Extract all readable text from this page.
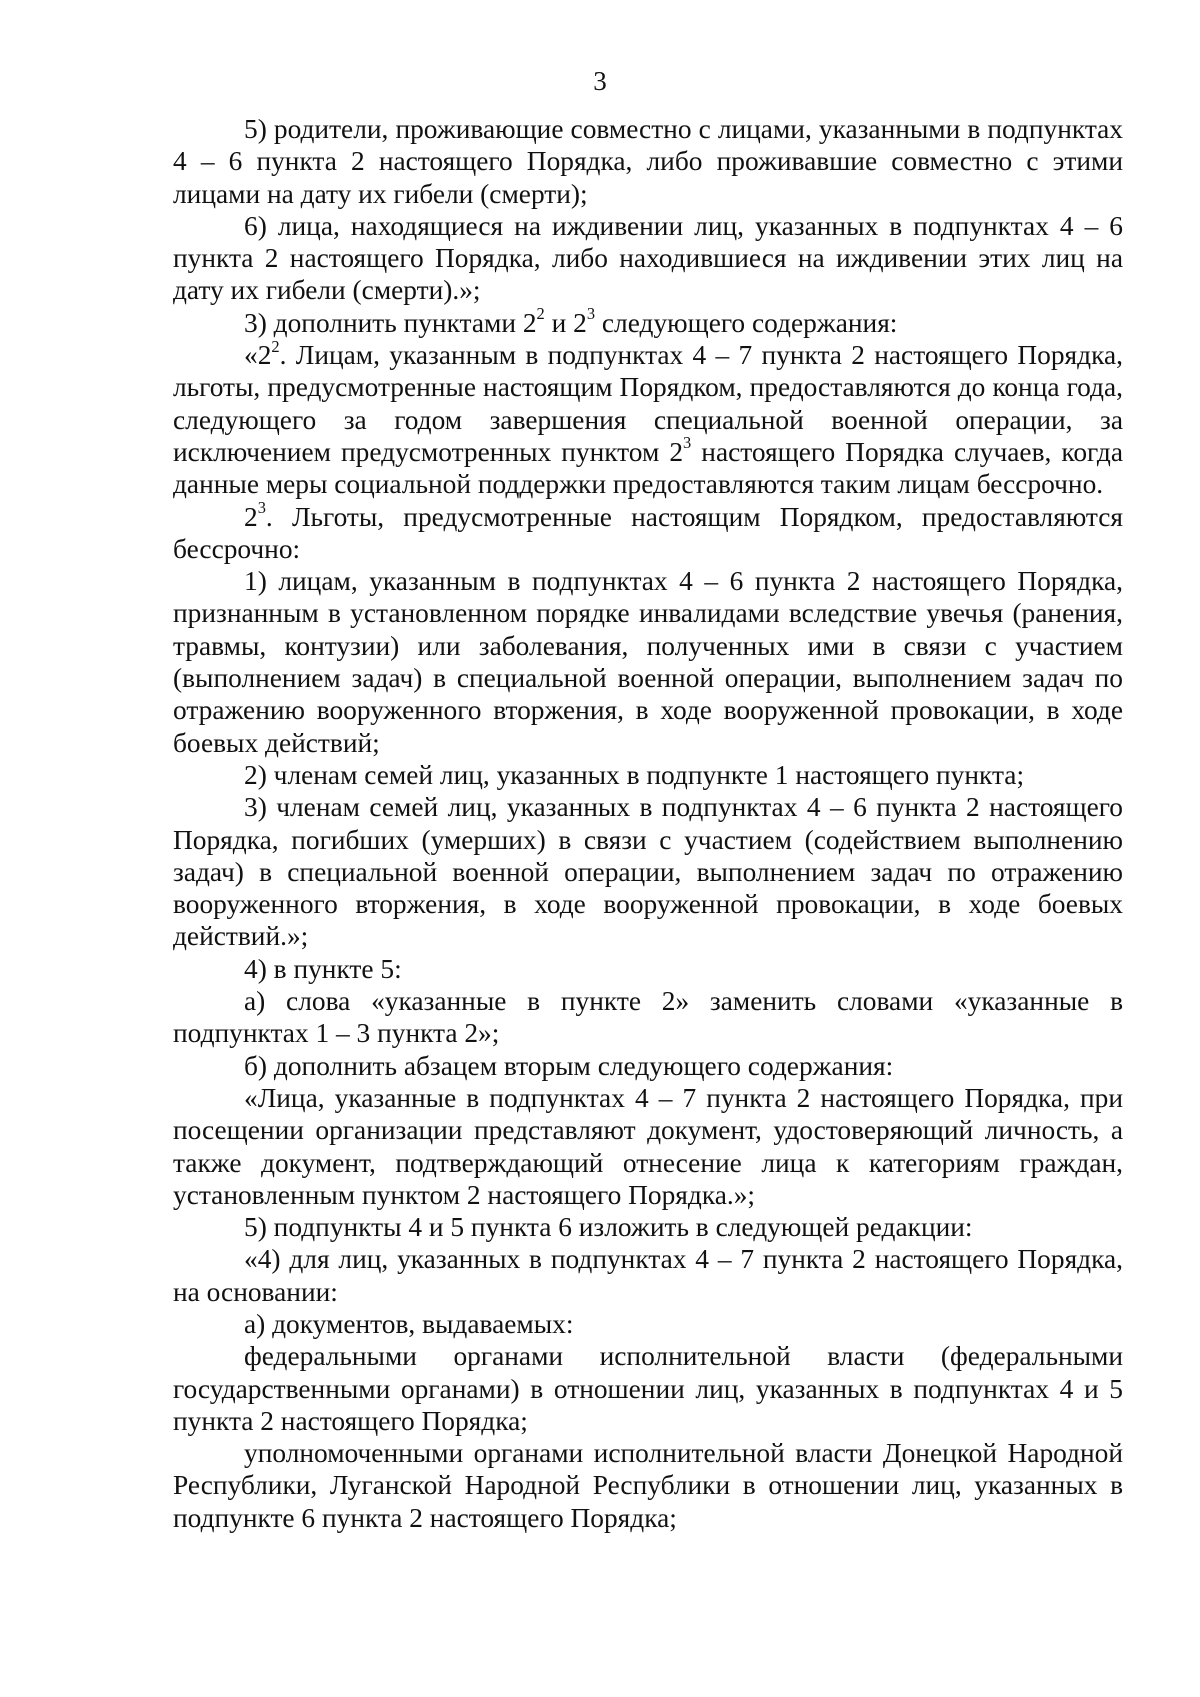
3

5) родители, проживающие совместно с лицами, указанными в подпунктах 4 – 6 пункта 2 настоящего Порядка, либо проживавшие совместно с этими лицами на дату их гибели (смерти);

6) лица, находящиеся на иждивении лиц, указанных в подпунктах 4 – 6 пункта 2 настоящего Порядка, либо находившиеся на иждивении этих лиц на дату их гибели (смерти).»;

3) дополнить пунктами $2^2$ и $2^3$ следующего содержания:

«$2^2$. Лицам, указанным в подпунктах 4 – 7 пункта 2 настоящего Порядка, льготы, предусмотренные настоящим Порядком, предоставляются до конца года, следующего за годом завершения специальной военной операции, за исключением предусмотренных пунктом $2^3$ настоящего Порядка случаев, когда данные меры социальной поддержки предоставляются таким лицам бессрочно.

$2^3$. Льготы, предусмотренные настоящим Порядком, предоставляются бессрочно:

1) лицам, указанным в подпунктах 4 – 6 пункта 2 настоящего Порядка, признанным в установленном порядке инвалидами вследствие увечья (ранения, травмы, контузии) или заболевания, полученных ими в связи с участием (выполнением задач) в специальной военной операции, выполнением задач по отражению вооруженного вторжения, в ходе вооруженной провокации, в ходе боевых действий;

2) членам семей лиц, указанных в подпункте 1 настоящего пункта;

3) членам семей лиц, указанных в подпунктах 4 – 6 пункта 2 настоящего Порядка, погибших (умерших) в связи с участием (содействием выполнению задач) в специальной военной операции, выполнением задач по отражению вооруженного вторжения, в ходе вооруженной провокации, в ходе боевых действий.»;

4) в пункте 5:

а) слова «указанные в пункте 2» заменить словами «указанные в подпунктах 1 – 3 пункта 2»;

б) дополнить абзацем вторым следующего содержания:

«Лица, указанные в подпунктах 4 – 7 пункта 2 настоящего Порядка, при посещении организации представляют документ, удостоверяющий личность, а также документ, подтверждающий отнесение лица к категориям граждан, установленным пунктом 2 настоящего Порядка.»;

5) подпункты 4 и 5 пункта 6 изложить в следующей редакции:

«4) для лиц, указанных в подпунктах 4 – 7 пункта 2 настоящего Порядка, на основании:

а) документов, выдаваемых:

федеральными органами исполнительной власти (федеральными государственными органами) в отношении лиц, указанных в подпунктах 4 и 5 пункта 2 настоящего Порядка;

уполномоченными органами исполнительной власти Донецкой Народной Республики, Луганской Народной Республики в отношении лиц, указанных в подпункте 6 пункта 2 настоящего Порядка;
